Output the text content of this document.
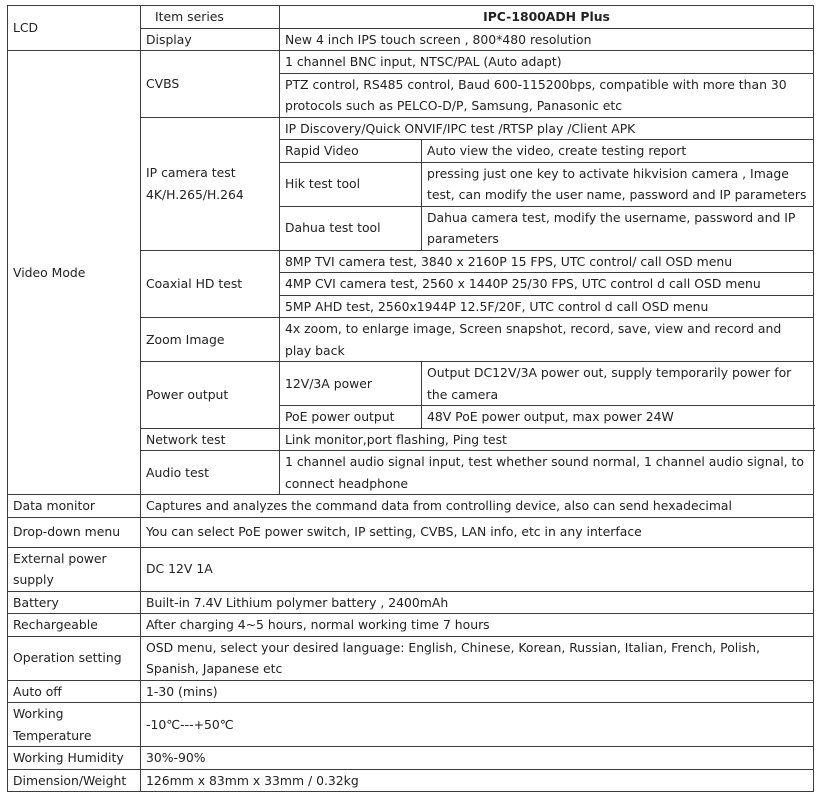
LCD	Item series	IPC-1800ADH Plus	
	Display	New 4 inch IPS touch screen , 800*480 resolution	
Video Mode	CVBS	1 channel BNC input, NTSC/PAL (Auto adapt)	
		PTZ control, RS485 control, Baud 600-115200bps, compatible with more than 30 protocols such as PELCO-D/P, Samsung, Panasonic etc	
	IP camera test 4K/H.265/H.264	IP Discovery/Quick ONVIF/IPC test /RTSP play /Client APK	
		Rapid Video	Auto view the video, create testing report
		Hik test tool	pressing just one key to activate hikvision camera , Image test, can modify the user name, password and IP parameters
		Dahua test tool	Dahua camera test, modify the username, password and IP parameters
	Coaxial HD test	8MP TVI camera test, 3840 x 2160P 15 FPS, UTC control/ call OSD menu	
		4MP CVI camera test, 2560 x 1440P 25/30 FPS, UTC control d call OSD menu	
		5MP AHD test, 2560x1944P 12.5F/20F, UTC control d call OSD menu	
	Zoom Image	4x zoom, to enlarge image, Screen snapshot, record, save, view and record and play back	
	Power output	12V/3A power	Output DC12V/3A power out, supply temporarily power for the camera
		PoE power output	48V PoE power output, max power 24W
	Network test	Link monitor,port flashing, Ping test	
	Audio test	1 channel audio signal input, test whether sound normal, 1 channel audio signal, to connect headphone	
Data monitor	Captures and analyzes the command data from controlling device, also can send hexadecimal		
Drop-down menu	You can select PoE power switch, IP setting, CVBS, LAN info, etc in any interface		
External power supply	DC 12V 1A		
Battery	Built-in 7.4V Lithium polymer battery , 2400mAh		
Rechargeable	After charging 4~5 hours, normal working time 7 hours		
Operation setting	OSD menu, select your desired language: English, Chinese, Korean, Russian, Italian, French, Polish, Spanish, Japanese etc		
Auto off	1-30 (mins)		
Working Temperature	-10℃---+50℃		
Working Humidity	30%-90%		
Dimension/Weight	126mm x 83mm x 33mm / 0.32kg		
